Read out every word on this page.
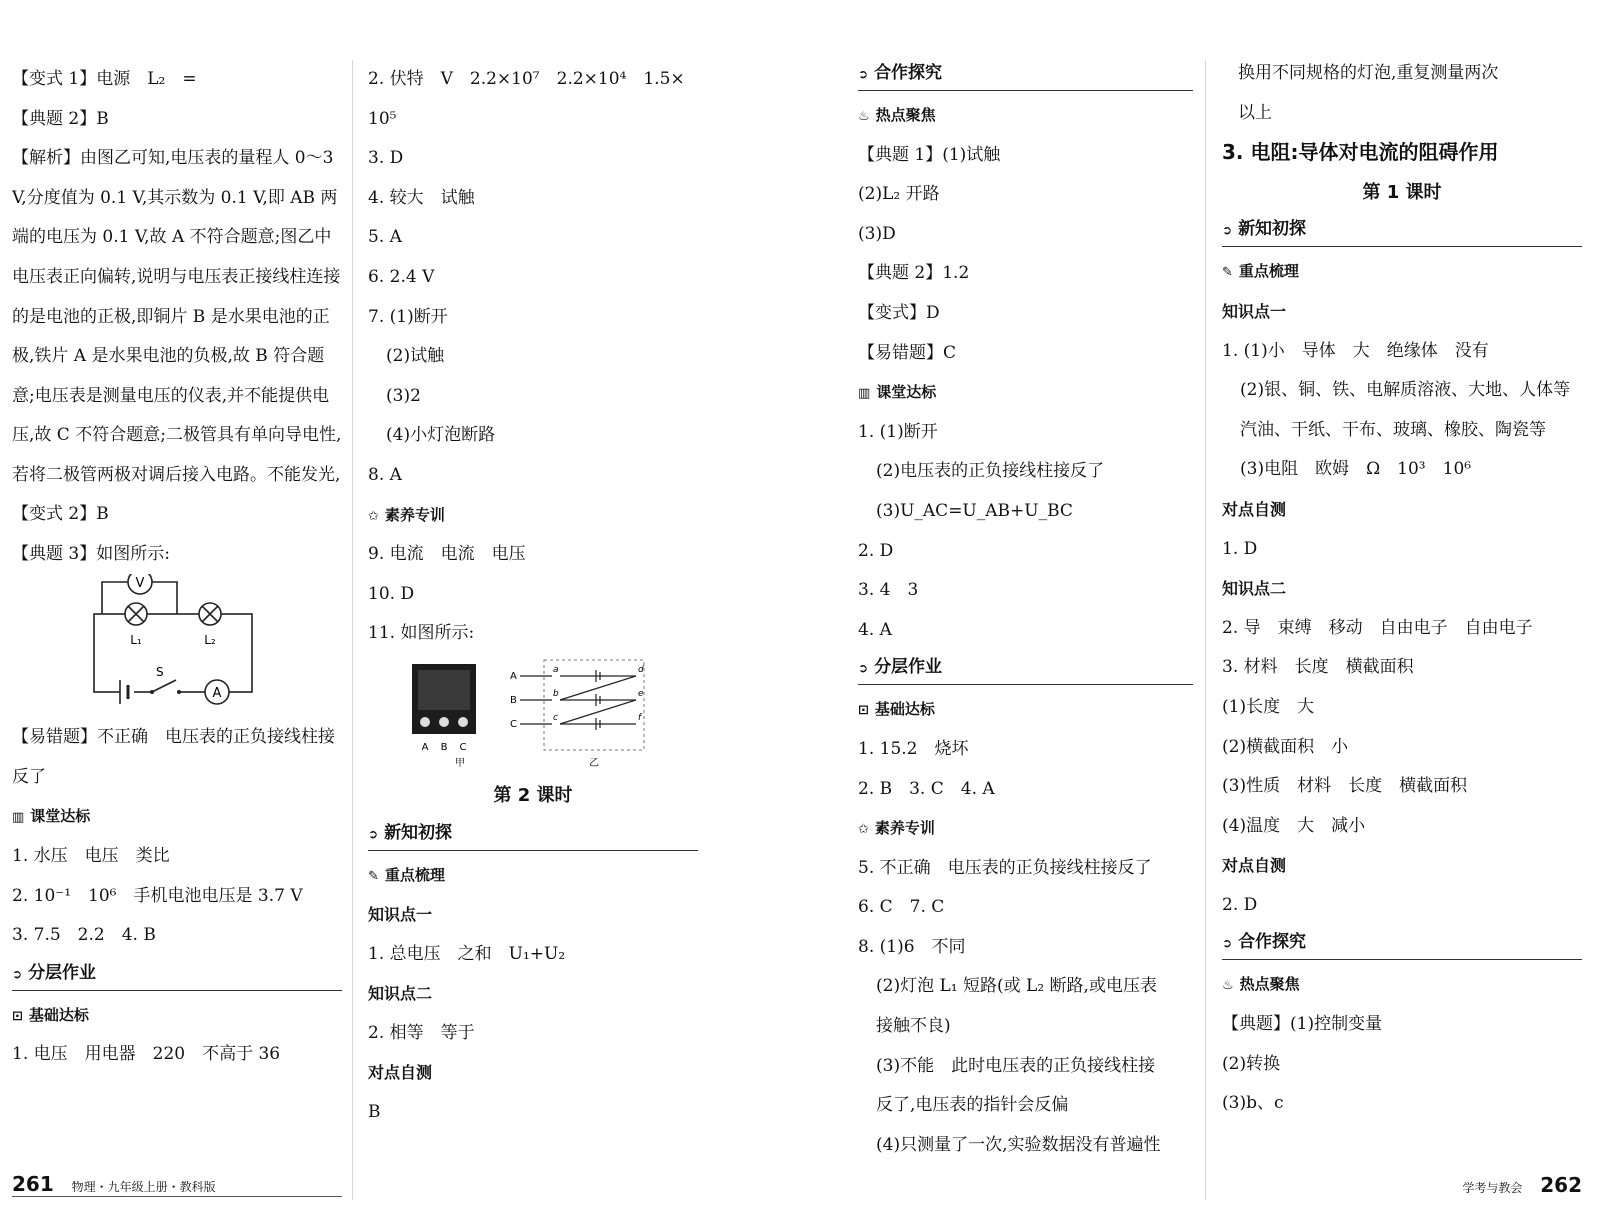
【变式 1】电源　L₂　=
【典题 2】B
【解析】由图乙可知,电压表的量程人 0～3 V,分度值为 0.1 V,其示数为 0.1 V,即 AB 两端的电压为 0.1 V,故 A 不符合题意;图乙中电压表正向偏转,说明与电压表正接线柱连接的是电池的正极,即铜片 B 是水果电池的正极,铁片 A 是水果电池的负极,故 B 符合题意;电压表是测量电压的仪表,并不能提供电压,故 C 不符合题意;二极管具有单向导电性,若将二极管两极对调后接入电路。不能发光,
【变式 2】B
【典题 3】如图所示:
V
A
S
L₁	L₂
【易错题】不正确　电压表的正负接线柱接反了
▥ 课堂达标
1. 水压　电压　类比
2. 10⁻¹　10⁶　手机电池电压是 3.7 V
3. 7.5　2.2　4. B
➲ 分层作业
⊡ 基础达标
1. 电压　用电器　220　不高于 36
2. 伏特　V　2.2×10⁷　2.2×10⁴　1.5×
10⁵
3. D
4. 较大　试触
5. A
6. 2.4 V
7. (1)断开
(2)试触
(3)2
(4)小灯泡断路
8. A
✩ 素养专训
9. 电流　电流　电压
10. D
11. 如图所示:
A B C
甲
A
B
C
a
b
c
d
e
f
乙
第 2 课时
➲ 新知初探
✎ 重点梳理
知识点一
1. 总电压　之和　U₁+U₂
知识点二
2. 相等　等于
对点自测
B
➲ 合作探究
♨ 热点聚焦
【典题 1】(1)试触
(2)L₂ 开路
(3)D
【典题 2】1.2
【变式】D
【易错题】C
▥ 课堂达标
1. (1)断开
(2)电压表的正负接线柱接反了
(3)U_AC=U_AB+U_BC
2. D
3. 4　3
4. A
➲ 分层作业
⊡ 基础达标
1. 15.2　烧坏
2. B　3. C　4. A
✩ 素养专训
5. 不正确　电压表的正负接线柱接反了
6. C　7. C
8. (1)6　不同
(2)灯泡 L₁ 短路(或 L₂ 断路,或电压表
接触不良)
(3)不能　此时电压表的正负接线柱接
反了,电压表的指针会反偏
(4)只测量了一次,实验数据没有普遍性
换用不同规格的灯泡,重复测量两次
以上
3. 电阻:导体对电流的阻碍作用
第 1 课时
➲ 新知初探
✎ 重点梳理
知识点一
1. (1)小　导体　大　绝缘体　没有
(2)银、铜、铁、电解质溶液、大地、人体等
汽油、干纸、干布、玻璃、橡胶、陶瓷等
(3)电阻　欧姆　Ω　10³　10⁶
对点自测
1. D
知识点二
2. 导　束缚　移动　自由电子　自由电子
3. 材料　长度　横截面积
(1)长度　大
(2)横截面积　小
(3)性质　材料　长度　横截面积
(4)温度　大　减小
对点自测
2. D
➲ 合作探究
♨ 热点聚焦
【典题】(1)控制变量
(2)转换
(3)b、c
261 物理・九年级上册・教科版	学考与教会 262
